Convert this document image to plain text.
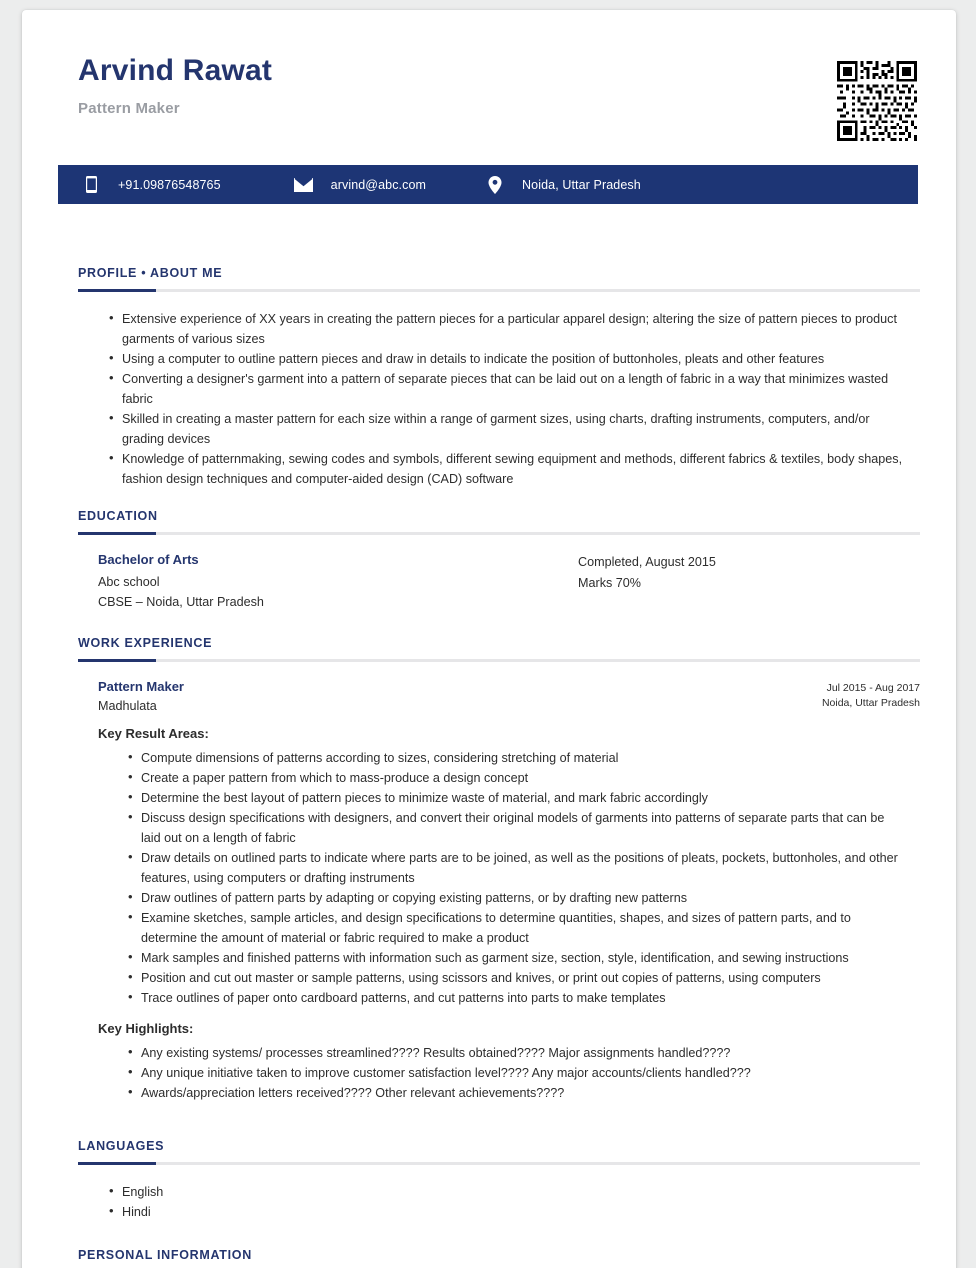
Arvind Rawat
Pattern Maker
+91.09876548765	arvind@abc.com	Noida, Uttar Pradesh
PROFILE • ABOUT ME
• Extensive experience of XX years in creating the pattern pieces for a particular apparel design; altering the size of pattern pieces to product garments of various sizes
• Using a computer to outline pattern pieces and draw in details to indicate the position of buttonholes, pleats and other features
• Converting a designer's garment into a pattern of separate pieces that can be laid out on a length of fabric in a way that minimizes wasted fabric
• Skilled in creating a master pattern for each size within a range of garment sizes, using charts, drafting instruments, computers, and/or grading devices
• Knowledge of patternmaking, sewing codes and symbols, different sewing equipment and methods, different fabrics & textiles, body shapes, fashion design techniques and computer-aided design (CAD) software
EDUCATION
Bachelor of Arts
Abc school
CBSE – Noida, Uttar Pradesh
Completed, August 2015
Marks 70%
WORK EXPERIENCE
Pattern Maker
Madhulata
Jul 2015 - Aug 2017
Noida, Uttar Pradesh
Key Result Areas:
• Compute dimensions of patterns according to sizes, considering stretching of material
• Create a paper pattern from which to mass-produce a design concept
• Determine the best layout of pattern pieces to minimize waste of material, and mark fabric accordingly
• Discuss design specifications with designers, and convert their original models of garments into patterns of separate parts that can be laid out on a length of fabric
• Draw details on outlined parts to indicate where parts are to be joined, as well as the positions of pleats, pockets, buttonholes, and other features, using computers or drafting instruments
• Draw outlines of pattern parts by adapting or copying existing patterns, or by drafting new patterns
• Examine sketches, sample articles, and design specifications to determine quantities, shapes, and sizes of pattern parts, and to determine the amount of material or fabric required to make a product
• Mark samples and finished patterns with information such as garment size, section, style, identification, and sewing instructions
• Position and cut out master or sample patterns, using scissors and knives, or print out copies of patterns, using computers
• Trace outlines of paper onto cardboard patterns, and cut patterns into parts to make templates
Key Highlights:
• Any existing systems/ processes streamlined???? Results obtained???? Major assignments handled????
• Any unique initiative taken to improve customer satisfaction level???? Any major accounts/clients handled???
• Awards/appreciation letters received???? Other relevant achievements????
LANGUAGES
• English
• Hindi
PERSONAL INFORMATION
